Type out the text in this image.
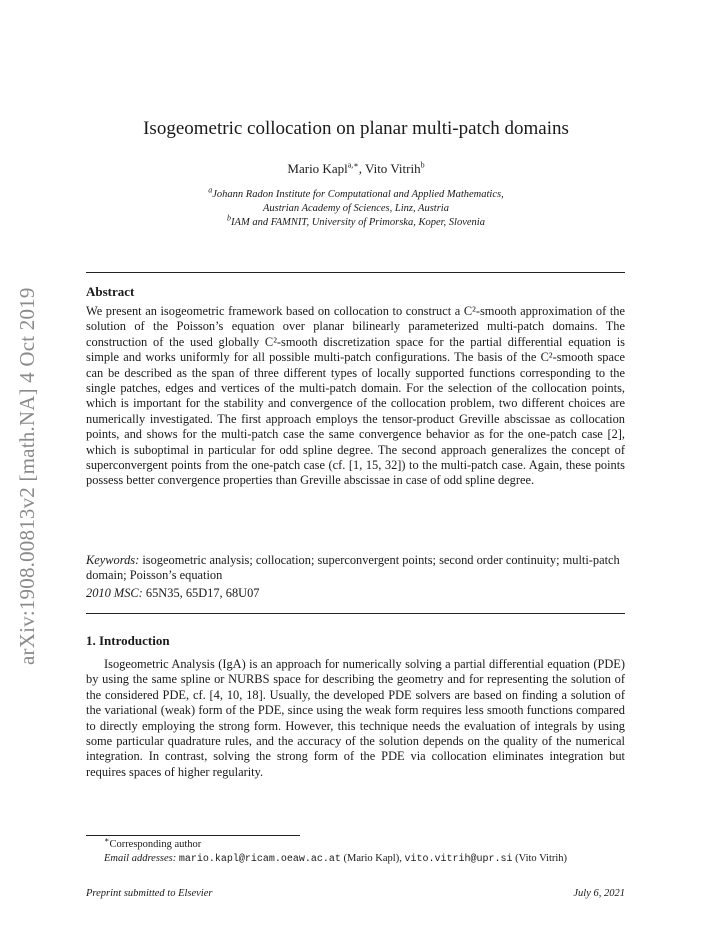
arXiv:1908.00813v2 [math.NA] 4 Oct 2019
Isogeometric collocation on planar multi-patch domains
Mario Kapl$^{a,∗}$, Vito Vitrih$^b$
$^a$Johann Radon Institute for Computational and Applied Mathematics,
Austrian Academy of Sciences, Linz, Austria
$^b$IAM and FAMNIT, University of Primorska, Koper, Slovenia
Abstract
We present an isogeometric framework based on collocation to construct a C²-smooth approximation of the solution of the Poisson’s equation over planar bilinearly parameterized multi-patch domains. The construction of the used globally C²-smooth discretization space for the partial differential equation is simple and works uniformly for all possible multi-patch configurations. The basis of the C²-smooth space can be described as the span of three different types of locally supported functions corresponding to the single patches, edges and vertices of the multi-patch domain. For the selection of the collocation points, which is important for the stability and convergence of the collocation problem, two different choices are numerically investigated. The first approach employs the tensor-product Greville abscissae as collocation points, and shows for the multi-patch case the same convergence behavior as for the one-patch case [2], which is suboptimal in particular for odd spline degree. The second approach generalizes the concept of superconvergent points from the one-patch case (cf. [1, 15, 32]) to the multi-patch case. Again, these points possess better convergence properties than Greville abscissae in case of odd spline degree.
Keywords: isogeometric analysis; collocation; superconvergent points; second order continuity; multi-patch domain; Poisson’s equation
2010 MSC: 65N35, 65D17, 68U07
1. Introduction
Isogeometric Analysis (IgA) is an approach for numerically solving a partial differential equation (PDE) by using the same spline or NURBS space for describing the geometry and for representing the solution of the considered PDE, cf. [4, 10, 18]. Usually, the developed PDE solvers are based on finding a solution of the variational (weak) form of the PDE, since using the weak form requires less smooth functions compared to directly employing the strong form. However, this technique needs the evaluation of integrals by using some particular quadrature rules, and the accuracy of the solution depends on the quality of the numerical integration. In contrast, solving the strong form of the PDE via collocation eliminates integration but requires spaces of higher regularity.
∗Corresponding author
Email addresses: mario.kapl@ricam.oeaw.ac.at (Mario Kapl), vito.vitrih@upr.si (Vito Vitrih)
Preprint submitted to Elsevier	July 6, 2021
